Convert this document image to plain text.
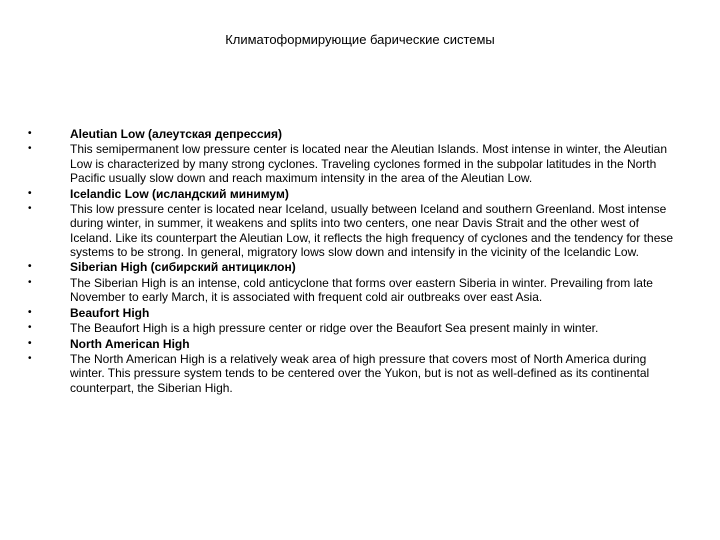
Климатоформирующие барические системы
•	Aleutian Low (алеутская депрессия)
•	This semipermanent low pressure center is located near the Aleutian Islands. Most intense in winter, the Aleutian Low is characterized by many strong cyclones. Traveling cyclones formed in the subpolar latitudes in the North Pacific usually slow down and reach maximum intensity in the area of the Aleutian Low.
•	Icelandic Low (исландский минимум)
•	This low pressure center is located near Iceland, usually between Iceland and southern Greenland. Most intense during winter, in summer, it weakens and splits into two centers, one near Davis Strait and the other west of Iceland. Like its counterpart the Aleutian Low, it reflects the high frequency of cyclones and the tendency for these systems to be strong. In general, migratory lows slow down and intensify in the vicinity of the Icelandic Low.
•	Siberian High (сибирский антициклон)
•	The Siberian High is an intense, cold anticyclone that forms over eastern Siberia in winter. Prevailing from late November to early March, it is associated with frequent cold air outbreaks over east Asia.
•	Beaufort High
•	The Beaufort High is a high pressure center or ridge over the Beaufort Sea present mainly in winter.
•	North American High
•	The North American High is a relatively weak area of high pressure that covers most of North America during winter. This pressure system tends to be centered over the Yukon, but is not as well-defined as its continental counterpart, the Siberian High.
